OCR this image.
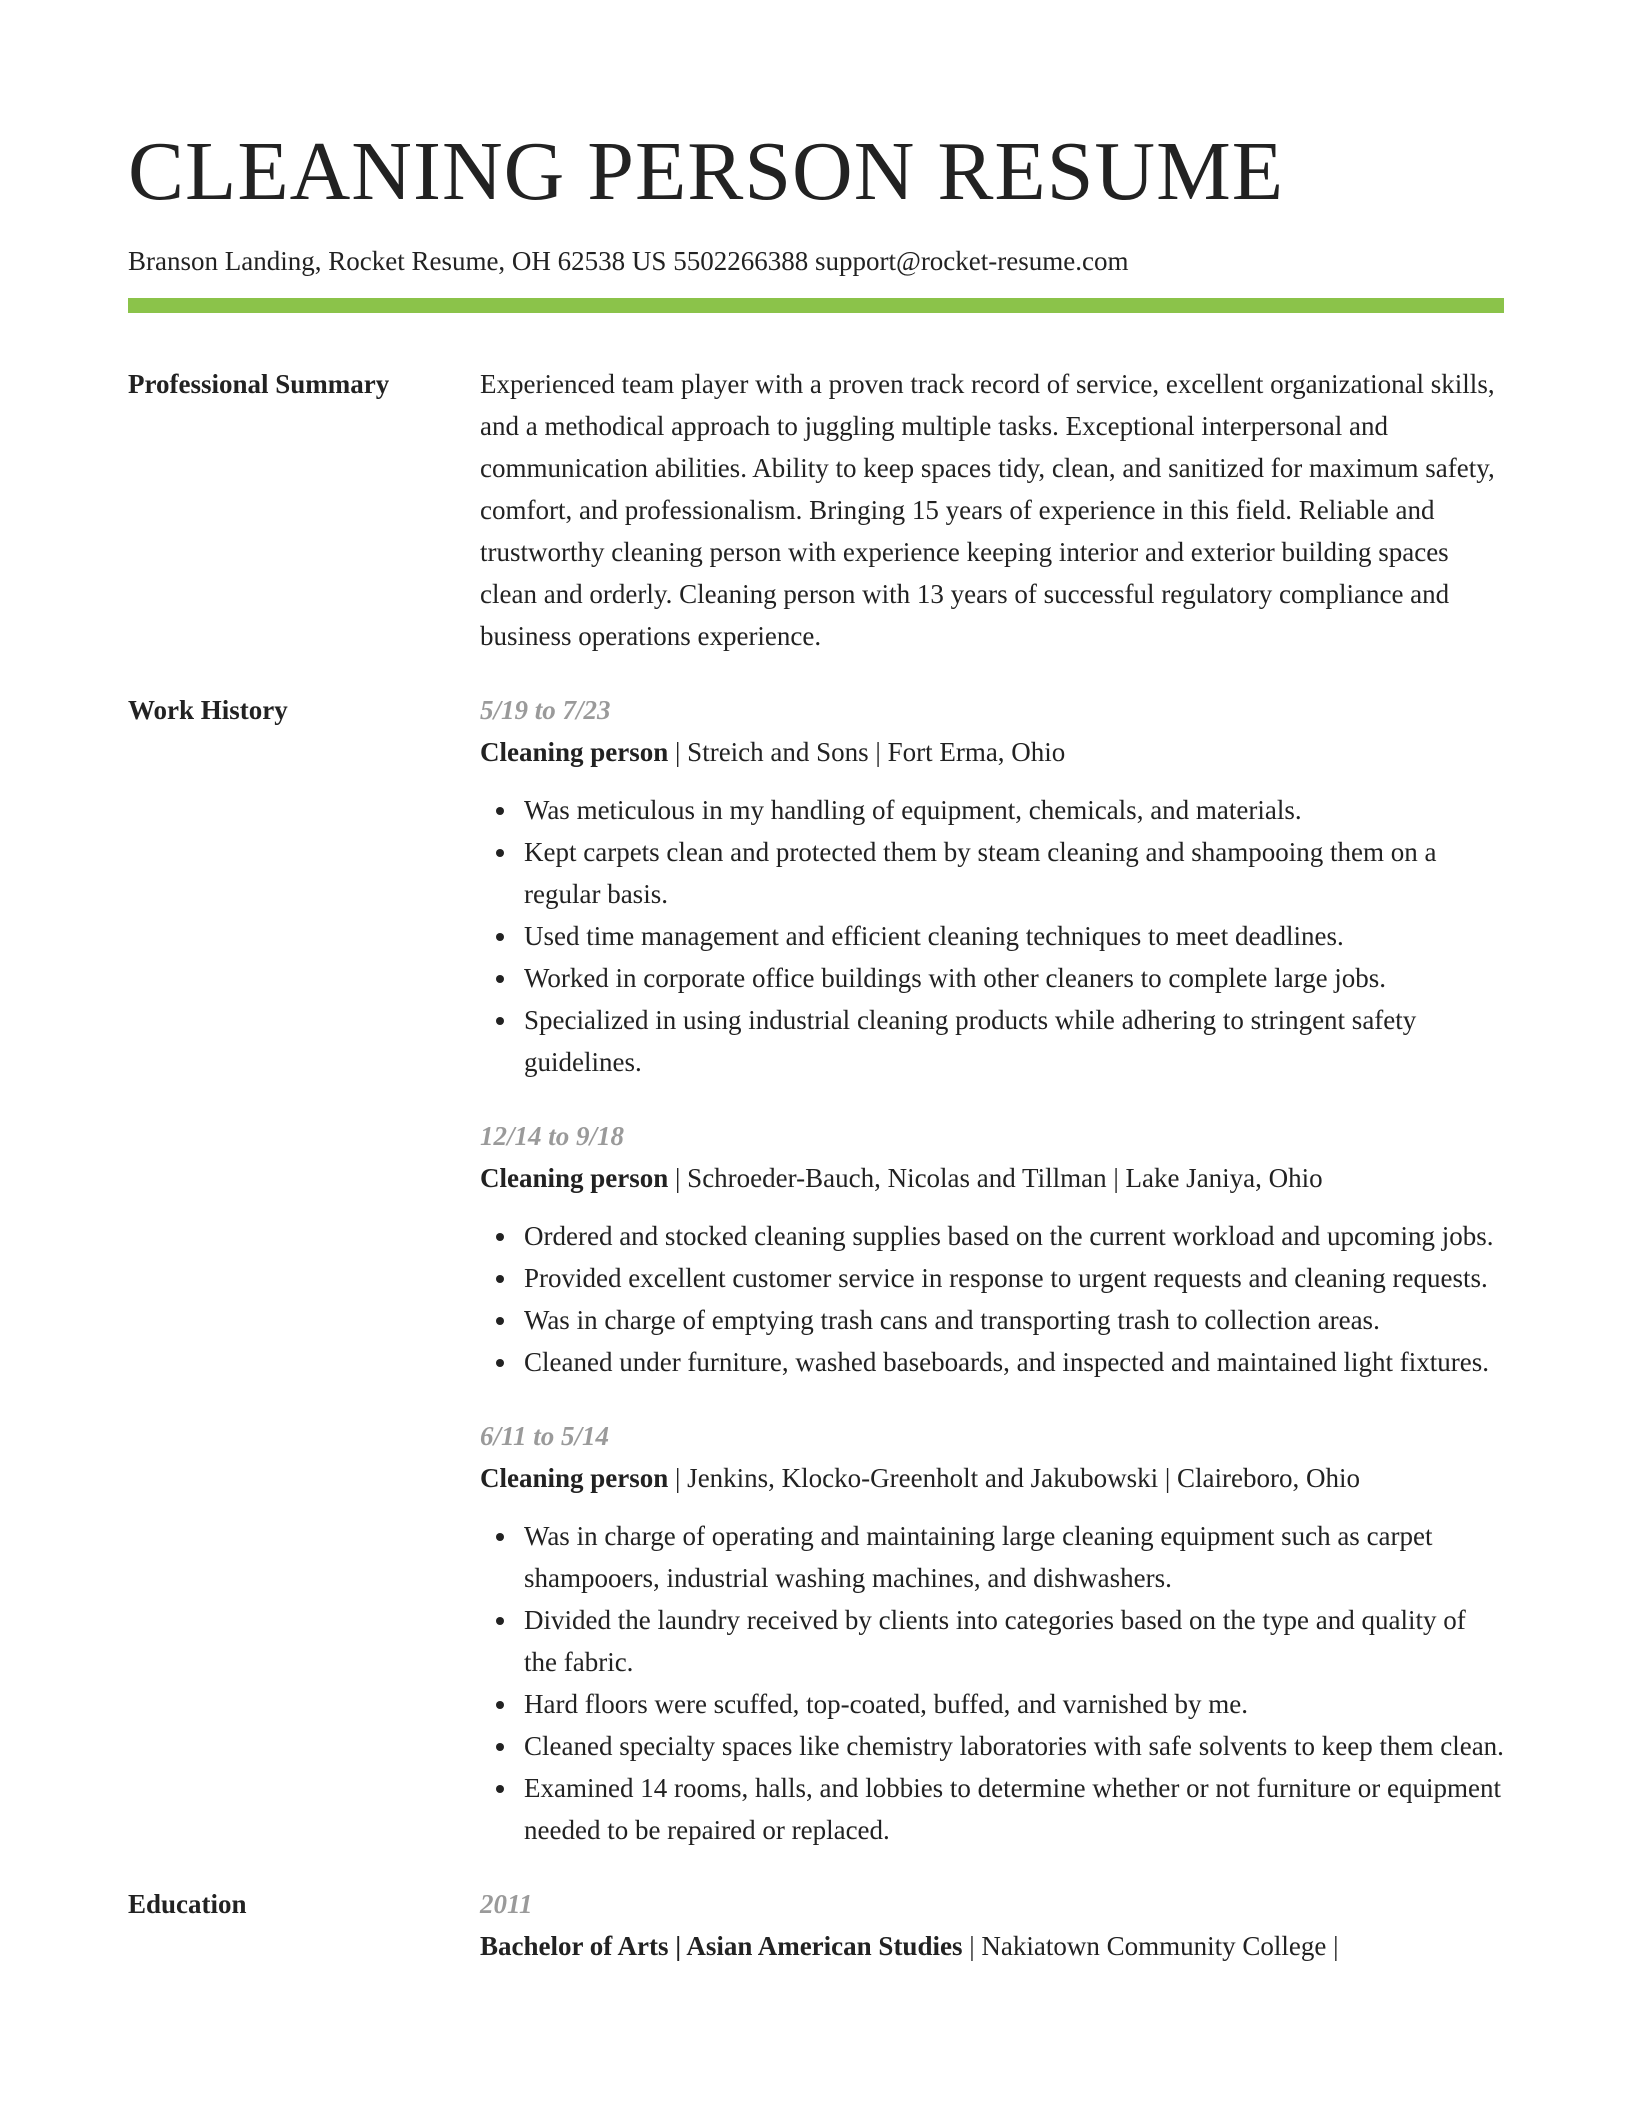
CLEANING PERSON RESUME
Branson Landing, Rocket Resume, OH 62538 US 5502266388 support@rocket-resume.com
Professional Summary	Experienced team player with a proven track record of service, excellent organizational skills, and a methodical approach to juggling multiple tasks. Exceptional interpersonal and communication abilities. Ability to keep spaces tidy, clean, and sanitized for maximum safety, comfort, and professionalism. Bringing 15 years of experience in this field. Reliable and trustworthy cleaning person with experience keeping interior and exterior building spaces clean and orderly. Cleaning person with 13 years of successful regulatory compliance and business operations experience.
Work History	5/19 to 7/23
Cleaning person | Streich and Sons | Fort Erma, Ohio
Was meticulous in my handling of equipment, chemicals, and materials.
Kept carpets clean and protected them by steam cleaning and shampooing them on a regular basis.
Used time management and efficient cleaning techniques to meet deadlines.
Worked in corporate office buildings with other cleaners to complete large jobs.
Specialized in using industrial cleaning products while adhering to stringent safety guidelines.
12/14 to 9/18
Cleaning person | Schroeder-Bauch, Nicolas and Tillman | Lake Janiya, Ohio
Ordered and stocked cleaning supplies based on the current workload and upcoming jobs.
Provided excellent customer service in response to urgent requests and cleaning requests.
Was in charge of emptying trash cans and transporting trash to collection areas.
Cleaned under furniture, washed baseboards, and inspected and maintained light fixtures.
6/11 to 5/14
Cleaning person | Jenkins, Klocko-Greenholt and Jakubowski | Claireboro, Ohio
Was in charge of operating and maintaining large cleaning equipment such as carpet shampooers, industrial washing machines, and dishwashers.
Divided the laundry received by clients into categories based on the type and quality of the fabric.
Hard floors were scuffed, top-coated, buffed, and varnished by me.
Cleaned specialty spaces like chemistry laboratories with safe solvents to keep them clean.
Examined 14 rooms, halls, and lobbies to determine whether or not furniture or equipment needed to be repaired or replaced.
Education	2011
Bachelor of Arts | Asian American Studies | Nakiatown Community College |
